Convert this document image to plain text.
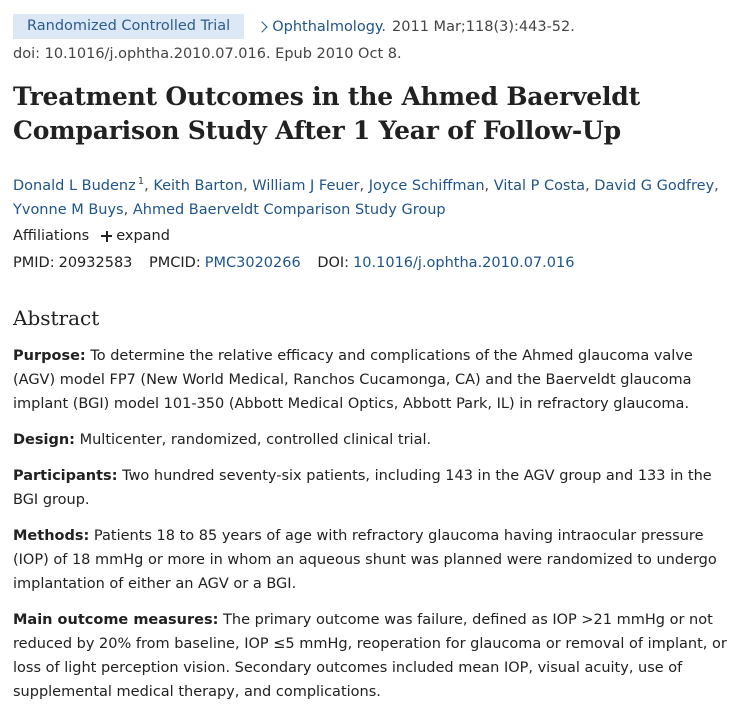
Randomized Controlled Trial	Ophthalmology. 2011 Mar;118(3):443-52.
doi: 10.1016/j.ophtha.2010.07.016. Epub 2010 Oct 8.
Treatment Outcomes in the Ahmed Baerveldt Comparison Study After 1 Year of Follow-Up
Donald L Budenz $^1$, Keith Barton, William J Feuer, Joyce Schiffman, Vital P Costa, David G Godfrey, Yvonne M Buys, Ahmed Baerveldt Comparison Study Group
Affiliations expand
PMID: 20932583 PMCID: PMC3020266 DOI: 10.1016/j.ophtha.2010.07.016
Abstract
Purpose: To determine the relative efficacy and complications of the Ahmed glaucoma valve (AGV) model FP7 (New World Medical, Ranchos Cucamonga, CA) and the Baerveldt glaucoma implant (BGI) model 101-350 (Abbott Medical Optics, Abbott Park, IL) in refractory glaucoma.
Design: Multicenter, randomized, controlled clinical trial.
Participants: Two hundred seventy-six patients, including 143 in the AGV group and 133 in the BGI group.
Methods: Patients 18 to 85 years of age with refractory glaucoma having intraocular pressure (IOP) of 18 mmHg or more in whom an aqueous shunt was planned were randomized to undergo implantation of either an AGV or a BGI.
Main outcome measures: The primary outcome was failure, defined as IOP >21 mmHg or not reduced by 20% from baseline, IOP ≤5 mmHg, reoperation for glaucoma or removal of implant, or loss of light perception vision. Secondary outcomes included mean IOP, visual acuity, use of supplemental medical therapy, and complications.
